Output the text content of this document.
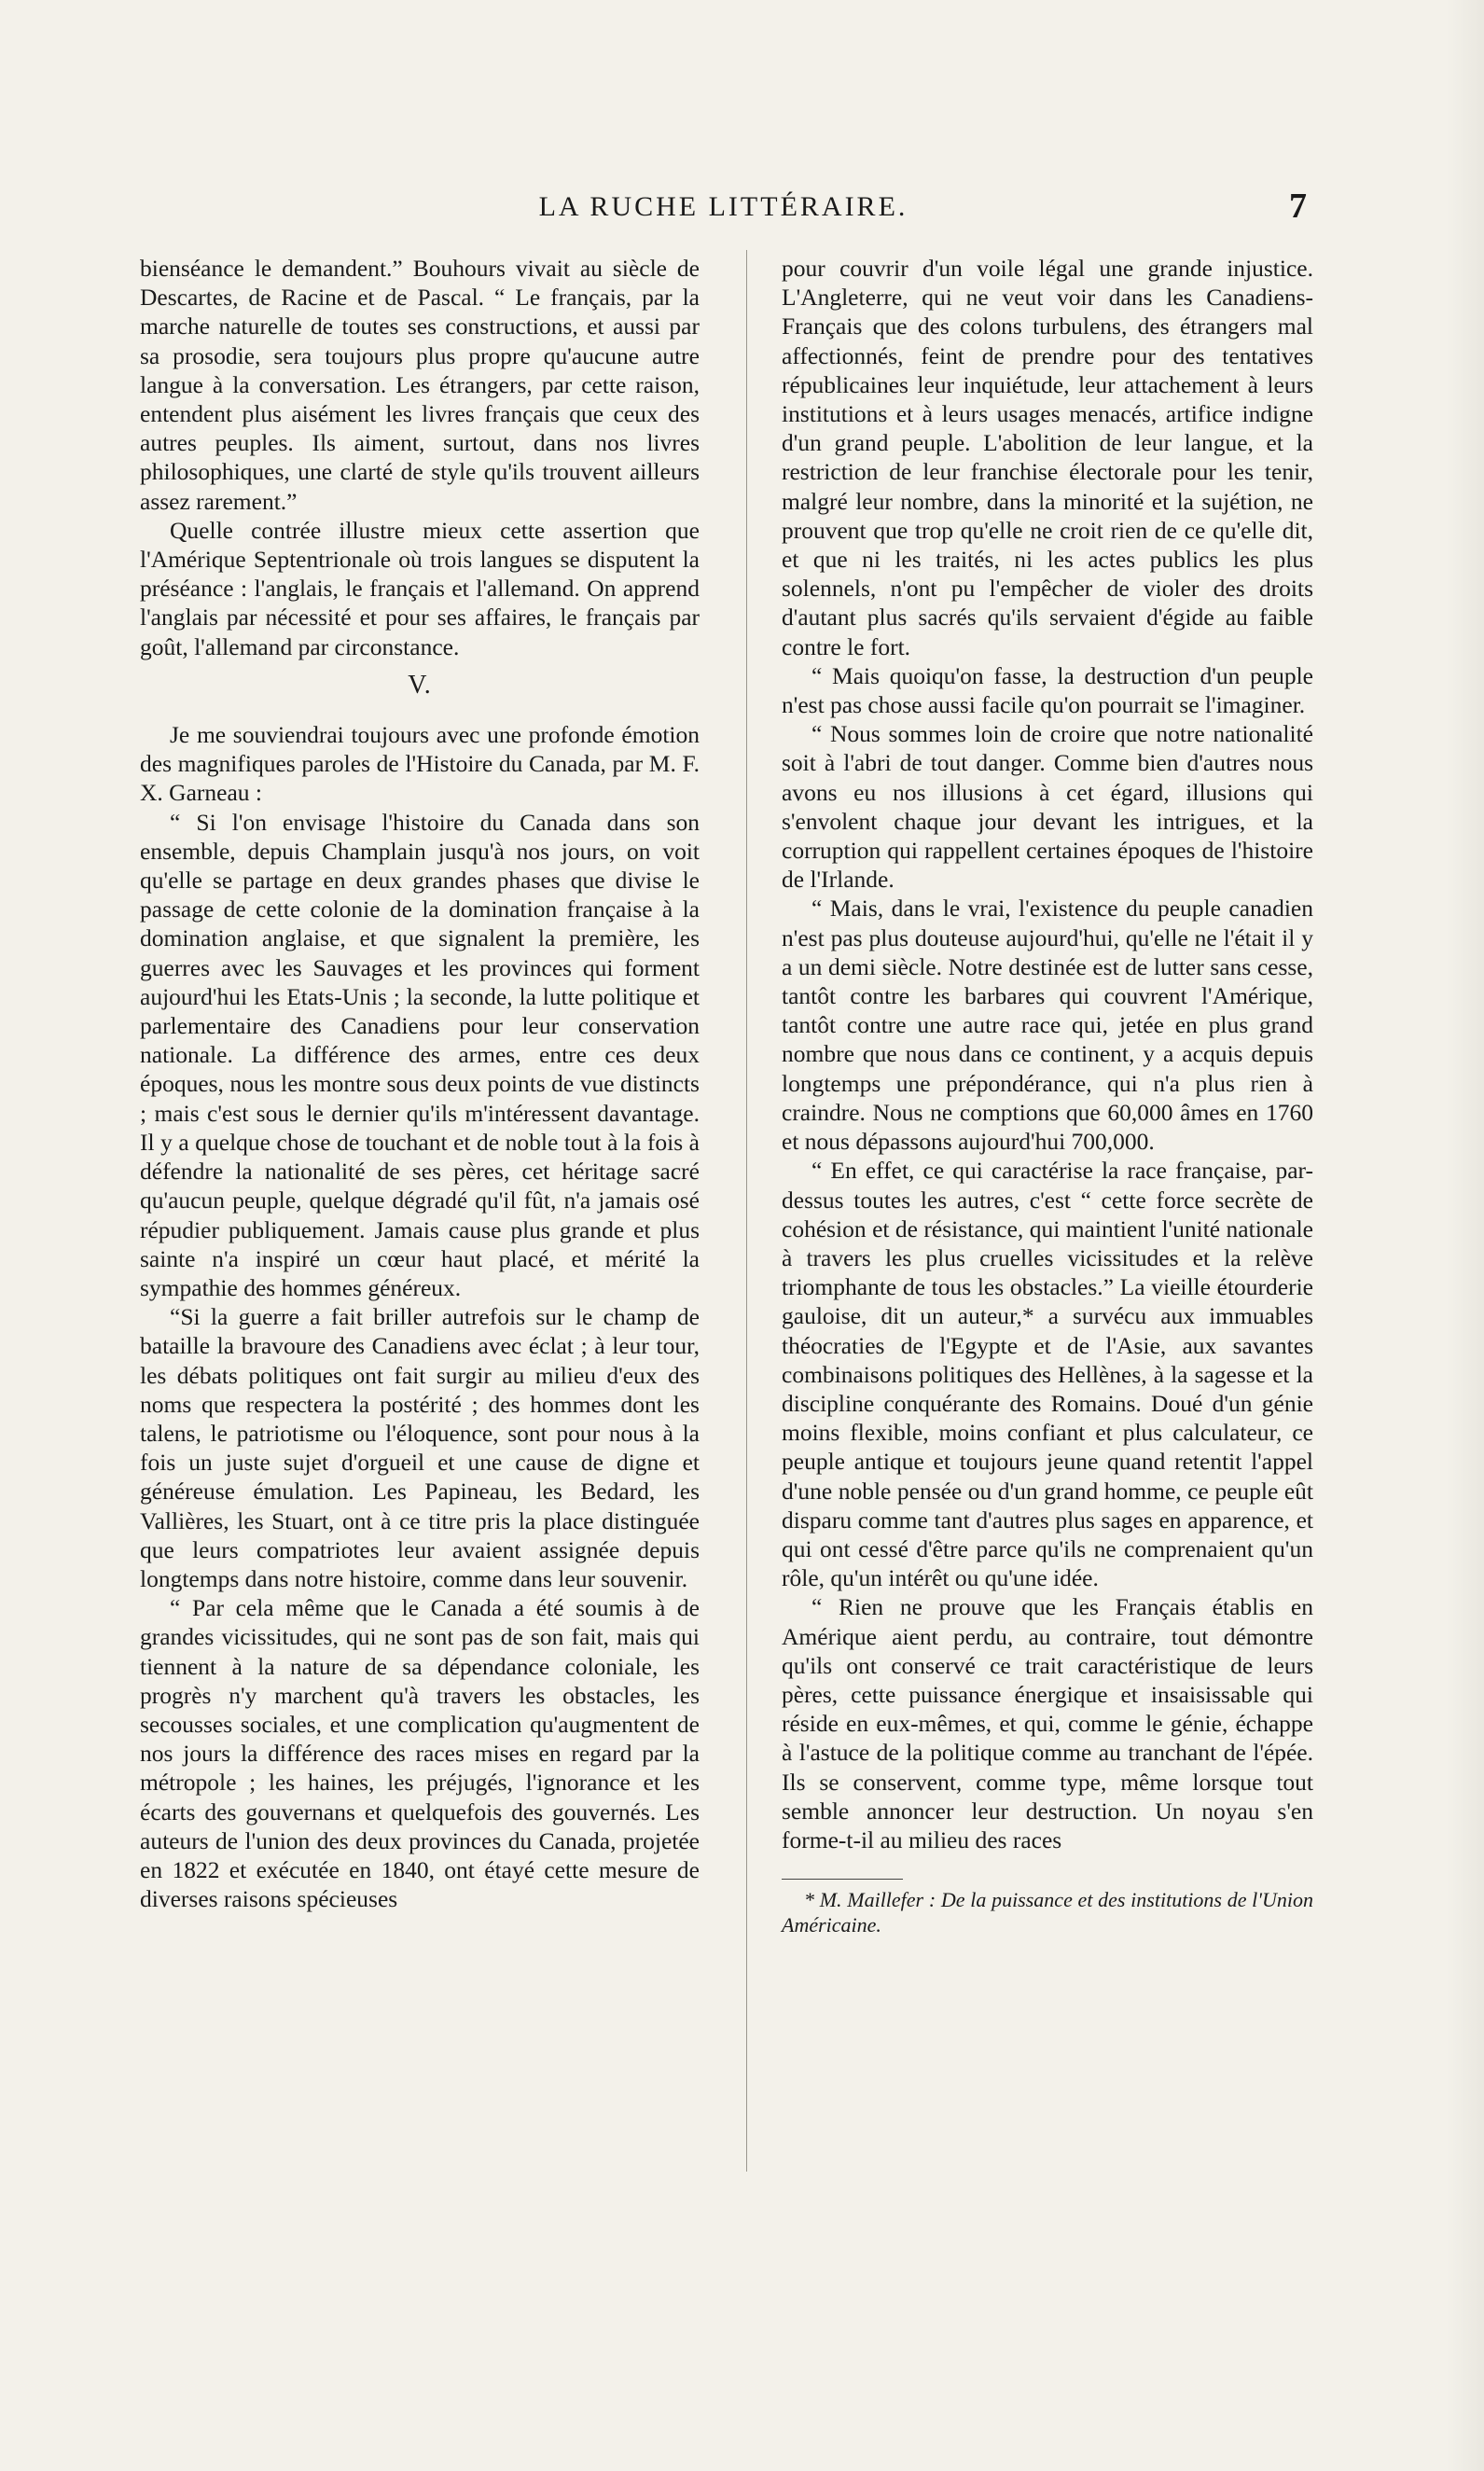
LA RUCHE LITTÉRAIRE.	7

bienséance le demandent.” Bouhours vivait au siècle de Descartes, de Racine et de Pascal. “ Le français, par la marche naturelle de toutes ses constructions, et aussi par sa prosodie, sera toujours plus propre qu'aucune autre langue à la conversation. Les étrangers, par cette raison, entendent plus aisément les livres français que ceux des autres peuples. Ils aiment, surtout, dans nos livres philosophiques, une clarté de style qu'ils trouvent ailleurs assez rarement.”

Quelle contrée illustre mieux cette assertion que l'Amérique Septentrionale où trois langues se disputent la préséance : l'anglais, le français et l'allemand. On apprend l'anglais par nécessité et pour ses affaires, le français par goût, l'allemand par circonstance.

V.

Je me souviendrai toujours avec une profonde émotion des magnifiques paroles de l'Histoire du Canada, par M. F. X. Garneau :

“ Si l'on envisage l'histoire du Canada dans son ensemble, depuis Champlain jusqu'à nos jours, on voit qu'elle se partage en deux grandes phases que divise le passage de cette colonie de la domination française à la domination anglaise, et que signalent la première, les guerres avec les Sauvages et les provinces qui forment aujourd'hui les Etats-Unis ; la seconde, la lutte politique et parlementaire des Canadiens pour leur conservation nationale. La différence des armes, entre ces deux époques, nous les montre sous deux points de vue distincts ; mais c'est sous le dernier qu'ils m'intéressent davantage. Il y a quelque chose de touchant et de noble tout à la fois à défendre la nationalité de ses pères, cet héritage sacré qu'aucun peuple, quelque dégradé qu'il fût, n'a jamais osé répudier publiquement. Jamais cause plus grande et plus sainte n'a inspiré un cœur haut placé, et mérité la sympathie des hommes généreux.

“Si la guerre a fait briller autrefois sur le champ de bataille la bravoure des Canadiens avec éclat ; à leur tour, les débats politiques ont fait surgir au milieu d'eux des noms que respectera la postérité ; des hommes dont les talens, le patriotisme ou l'éloquence, sont pour nous à la fois un juste sujet d'orgueil et une cause de digne et généreuse émulation. Les Papineau, les Bedard, les Vallières, les Stuart, ont à ce titre pris la place distinguée que leurs compatriotes leur avaient assignée depuis longtemps dans notre histoire, comme dans leur souvenir.

“ Par cela même que le Canada a été soumis à de grandes vicissitudes, qui ne sont pas de son fait, mais qui tiennent à la nature de sa dépendance coloniale, les progrès n'y marchent qu'à travers les obstacles, les secousses sociales, et une complication qu'augmentent de nos jours la différence des races mises en regard par la métropole ; les haines, les préjugés, l'ignorance et les écarts des gouvernans et quelquefois des gouvernés. Les auteurs de l'union des deux provinces du Canada, projetée en 1822 et exécutée en 1840, ont étayé cette mesure de diverses raisons spécieuses

pour couvrir d'un voile légal une grande injustice. L'Angleterre, qui ne veut voir dans les Canadiens-Français que des colons turbulens, des étrangers mal affectionnés, feint de prendre pour des tentatives républicaines leur inquiétude, leur attachement à leurs institutions et à leurs usages menacés, artifice indigne d'un grand peuple. L'abolition de leur langue, et la restriction de leur franchise électorale pour les tenir, malgré leur nombre, dans la minorité et la sujétion, ne prouvent que trop qu'elle ne croit rien de ce qu'elle dit, et que ni les traités, ni les actes publics les plus solennels, n'ont pu l'empêcher de violer des droits d'autant plus sacrés qu'ils servaient d'égide au faible contre le fort.

“ Mais quoiqu'on fasse, la destruction d'un peuple n'est pas chose aussi facile qu'on pourrait se l'imaginer.

“ Nous sommes loin de croire que notre nationalité soit à l'abri de tout danger. Comme bien d'autres nous avons eu nos illusions à cet égard, illusions qui s'envolent chaque jour devant les intrigues, et la corruption qui rappellent certaines époques de l'histoire de l'Irlande.

“ Mais, dans le vrai, l'existence du peuple canadien n'est pas plus douteuse aujourd'hui, qu'elle ne l'était il y a un demi siècle. Notre destinée est de lutter sans cesse, tantôt contre les barbares qui couvrent l'Amérique, tantôt contre une autre race qui, jetée en plus grand nombre que nous dans ce continent, y a acquis depuis longtemps une prépondérance, qui n'a plus rien à craindre. Nous ne comptions que 60,000 âmes en 1760 et nous dépassons aujourd'hui 700,000.

“ En effet, ce qui caractérise la race française, par-dessus toutes les autres, c'est “ cette force secrète de cohésion et de résistance, qui maintient l'unité nationale à travers les plus cruelles vicissitudes et la relève triomphante de tous les obstacles.” La vieille étourderie gauloise, dit un auteur,* a survécu aux immuables théocraties de l'Egypte et de l'Asie, aux savantes combinaisons politiques des Hellènes, à la sagesse et la discipline conquérante des Romains. Doué d'un génie moins flexible, moins confiant et plus calculateur, ce peuple antique et toujours jeune quand retentit l'appel d'une noble pensée ou d'un grand homme, ce peuple eût disparu comme tant d'autres plus sages en apparence, et qui ont cessé d'être parce qu'ils ne comprenaient qu'un rôle, qu'un intérêt ou qu'une idée.

“ Rien ne prouve que les Français établis en Amérique aient perdu, au contraire, tout démontre qu'ils ont conservé ce trait caractéristique de leurs pères, cette puissance énergique et insaisissable qui réside en eux-mêmes, et qui, comme le génie, échappe à l'astuce de la politique comme au tranchant de l'épée. Ils se conservent, comme type, même lorsque tout semble annoncer leur destruction. Un noyau s'en forme-t-il au milieu des races

* M. Maillefer : De la puissance et des institutions de l'Union Américaine.
